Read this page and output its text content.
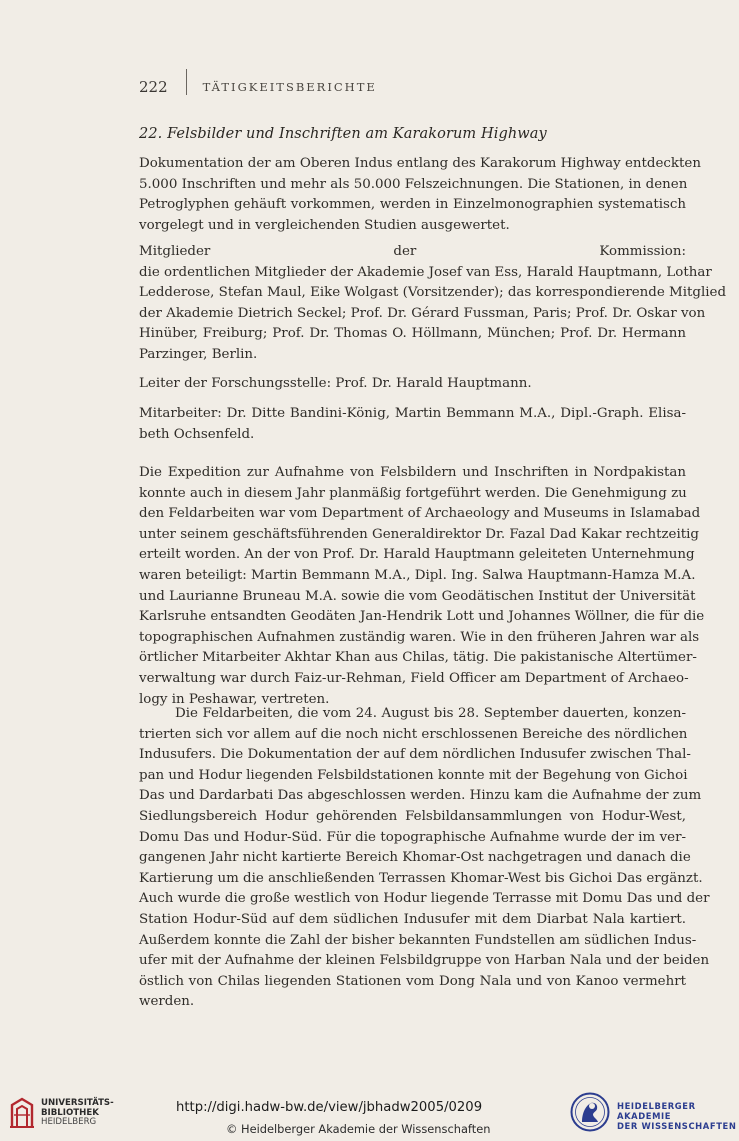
222	TÄTIGKEITSBERICHTE
22. Felsbilder und Inschriften am Karakorum Highway
Dokumentation der am Oberen Indus entlang des Karakorum Highway entdeckten
5.000 Inschriften und mehr als 50.000 Felszeichnungen. Die Stationen, in denen
Petroglyphen gehäuft vorkommen, werden in Einzelmonographien systematisch
vorgelegt und in vergleichenden Studien ausgewertet.
Mitglieder der Kommission:
die ordentlichen Mitglieder der Akademie Josef van Ess, Harald Hauptmann, Lothar
Ledderose, Stefan Maul, Eike Wolgast (Vorsitzender); das korrespondierende Mitglied
der Akademie Dietrich Seckel; Prof. Dr. Gérard Fussman, Paris; Prof. Dr. Oskar von
Hinüber, Freiburg; Prof. Dr. Thomas O. Höllmann, München; Prof. Dr. Hermann
Parzinger, Berlin.
Leiter der Forschungsstelle: Prof. Dr. Harald Hauptmann.
Mitarbeiter: Dr. Ditte Bandini-König, Martin Bemmann M.A., Dipl.-Graph. Elisa-
beth Ochsenfeld.
Die Expedition zur Aufnahme von Felsbildern und Inschriften in Nordpakistan
konnte auch in diesem Jahr planmäßig fortgeführt werden. Die Genehmigung zu
den Feldarbeiten war vom Department of Archaeology and Museums in Islamabad
unter seinem geschäftsführenden Generaldirektor Dr. Fazal Dad Kakar rechtzeitig
erteilt worden. An der von Prof. Dr. Harald Hauptmann geleiteten Unternehmung
waren beteiligt: Martin Bemmann M.A., Dipl. Ing. Salwa Hauptmann-Hamza M.A.
und Laurianne Bruneau M.A. sowie die vom Geodätischen Institut der Universität
Karlsruhe entsandten Geodäten Jan-Hendrik Lott und Johannes Wöllner, die für die
topographischen Aufnahmen zuständig waren. Wie in den früheren Jahren war als
örtlicher Mitarbeiter Akhtar Khan aus Chilas, tätig. Die pakistanische Altertümer-
verwaltung war durch Faiz-ur-Rehman, Field Officer am Department of Archaeo-
logy in Peshawar, vertreten.
Die Feldarbeiten, die vom 24. August bis 28. September dauerten, konzen-
trierten sich vor allem auf die noch nicht erschlossenen Bereiche des nördlichen
Indusufers. Die Dokumentation der auf dem nördlichen Indusufer zwischen Thal-
pan und Hodur liegenden Felsbildstationen konnte mit der Begehung von Gichoi
Das und Dardarbati Das abgeschlossen werden. Hinzu kam die Aufnahme der zum
Siedlungsbereich Hodur gehörenden Felsbildansammlungen von Hodur-West,
Domu Das und Hodur-Süd. Für die topographische Aufnahme wurde der im ver-
gangenen Jahr nicht kartierte Bereich Khomar-Ost nachgetragen und danach die
Kartierung um die anschließenden Terrassen Khomar-West bis Gichoi Das ergänzt.
Auch wurde die große westlich von Hodur liegende Terrasse mit Domu Das und der
Station Hodur-Süd auf dem südlichen Indusufer mit dem Diarbat Nala kartiert.
Außerdem konnte die Zahl der bisher bekannten Fundstellen am südlichen Indus-
ufer mit der Aufnahme der kleinen Felsbildgruppe von Harban Nala und der beiden
östlich von Chilas liegenden Stationen vom Dong Nala und von Kanoo vermehrt
werden.
UNIVERSITÄTS-
BIBLIOTHEK
HEIDELBERG
http://digi.hadw-bw.de/view/jbhadw2005/0209
© Heidelberger Akademie der Wissenschaften
HEIDELBERGER AKADEMIE
DER WISSENSCHAFTEN
